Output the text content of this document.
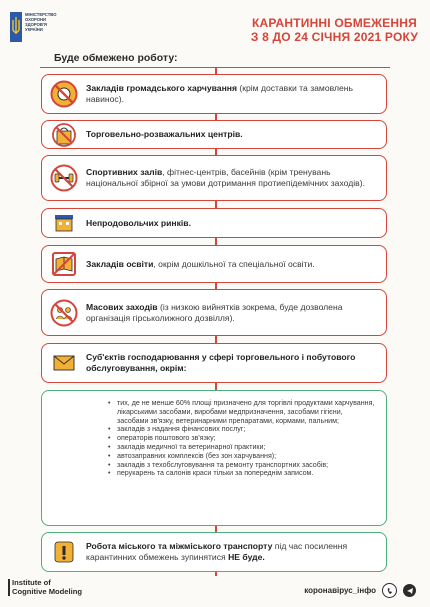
МІНІСТЕРСТВО
ОХОРОНИ
ЗДОРОВ'Я
УКРАЇНИ	КАРАНТИННІ ОБМЕЖЕННЯ
З 8 ДО 24 СІЧНЯ 2021 РОКУ
Буде обмежено роботу:
Закладів громадського харчування (крім доставки та замовлень навинос).
Торговельно-розважальних центрів.
Спортивних залів, фітнес-центрів, басейнів (крім тренувань національної збірної за умови дотримання протиепідемічних заходів).
Непродовольчих ринків.
Закладів освіти, окрім дошкільної та спеціальної освіти.
Масових заходів (із низкою вийнятків зокрема, буде дозволена організація гірськолижного дозвілля).
Суб'єктів господарювання у сфері торговельного і побутового обслуговування, окрім:
• тих, де не менше 60% площі призначено для торгівлі продуктами харчування, лікарськими засобами, виробами медпризначення, засобами гігієни, засобами зв'язку, ветеринарними препаратами, кормами, пальним;
• закладів з надання фінансових послуг;
• операторів поштового зв'язку;
• закладів медичної та ветеринарної практики;
• автозаправних комплексів (без зон харчування);
• закладів з техобслуговування та ремонту транспортних засобів;
• перукарень та салонів краси тільки за попереднім записом.
Робота міського та міжміського транспорту під час посилення карантинних обмежень зупинятися НЕ буде.
Institute of
Cognitive Modeling	коронавірус_інфо
